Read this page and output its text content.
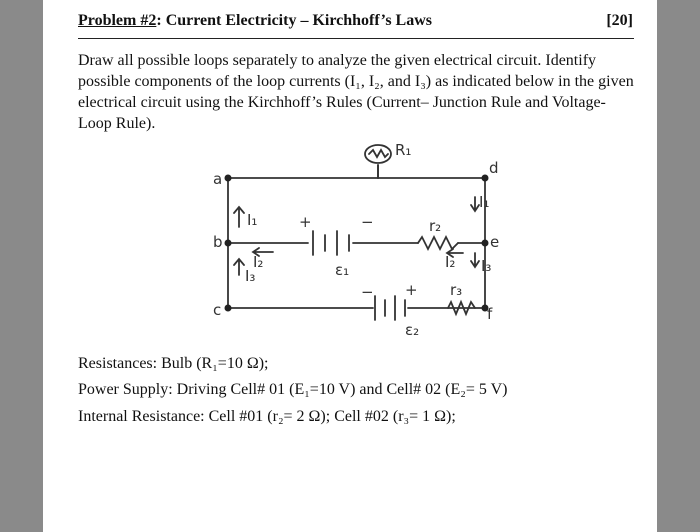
Problem #2: Current Electricity – Kirchhoff’s Laws	[20]
Draw all possible loops separately to analyze the given electrical circuit. Identify possible components of the loop currents (I₁, I₂, and I₃) as indicated below in the given electrical circuit using the Kirchhoff’s Rules (Current– Junction Rule and Voltage-Loop Rule).
a
b
c
d
e
f
R₁
r₂
r₃
ε₁
ε₂
I₁
I₁
I₂	I₂
I₃
I₃
+	−
+
−
Resistances: Bulb (R₁=10 Ω);
Power Supply: Driving Cell# 01 (E₁=10 V) and Cell# 02 (E₂= 5 V)
Internal Resistance: Cell #01 (r₂= 2 Ω); Cell #02 (r₃= 1 Ω);
